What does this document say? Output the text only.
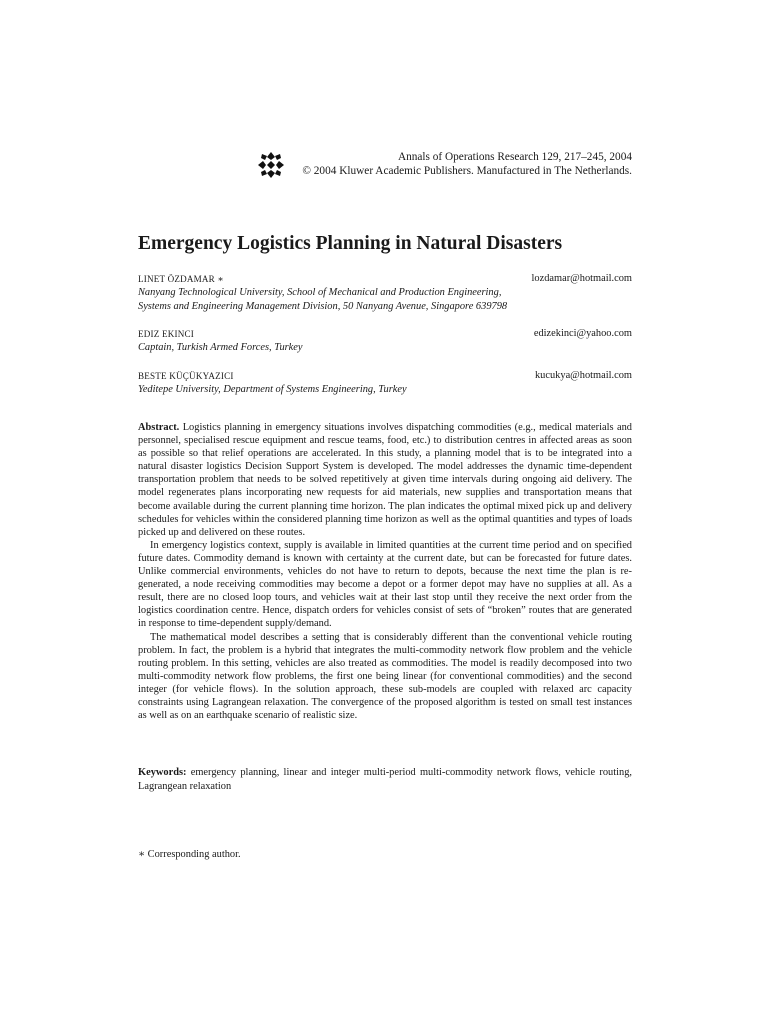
Annals of Operations Research 129, 217–245, 2004
© 2004 Kluwer Academic Publishers. Manufactured in The Netherlands.
Emergency Logistics Planning in Natural Disasters
LINET ÖZDAMAR ∗	lozdamar@hotmail.com
Nanyang Technological University, School of Mechanical and Production Engineering,
Systems and Engineering Management Division, 50 Nanyang Avenue, Singapore 639798
EDIZ EKINCI	edizekinci@yahoo.com
Captain, Turkish Armed Forces, Turkey
BESTE KÜÇÜKYAZICI	kucukya@hotmail.com
Yeditepe University, Department of Systems Engineering, Turkey

Abstract. Logistics planning in emergency situations involves dispatching commodities (e.g., medical materials and personnel, specialised rescue equipment and rescue teams, food, etc.) to distribution centres in affected areas as soon as possible so that relief operations are accelerated. In this study, a planning model that is to be integrated into a natural disaster logistics Decision Support System is developed. The model addresses the dynamic time-dependent transportation problem that needs to be solved repetitively at given time intervals during ongoing aid delivery. The model regenerates plans incorporating new requests for aid materials, new supplies and transportation means that become available during the current planning time horizon. The plan indicates the optimal mixed pick up and delivery schedules for vehicles within the considered planning time horizon as well as the optimal quantities and types of loads picked up and delivered on these routes.

In emergency logistics context, supply is available in limited quantities at the current time period and on specified future dates. Commodity demand is known with certainty at the current date, but can be forecasted for future dates. Unlike commercial environments, vehicles do not have to return to depots, because the next time the plan is re-generated, a node receiving commodities may become a depot or a former depot may have no supplies at all. As a result, there are no closed loop tours, and vehicles wait at their last stop until they receive the next order from the logistics coordination centre. Hence, dispatch orders for vehicles consist of sets of “broken” routes that are generated in response to time-dependent supply/demand.

The mathematical model describes a setting that is considerably different than the conventional vehicle routing problem. In fact, the problem is a hybrid that integrates the multi-commodity network flow problem and the vehicle routing problem. In this setting, vehicles are also treated as commodities. The model is readily decomposed into two multi-commodity network flow problems, the first one being linear (for conventional commodities) and the second integer (for vehicle flows). In the solution approach, these sub-models are coupled with relaxed arc capacity constraints using Lagrangean relaxation. The convergence of the proposed algorithm is tested on small test instances as well as on an earthquake scenario of realistic size.

Keywords: emergency planning, linear and integer multi-period multi-commodity network flows, vehicle routing, Lagrangean relaxation
∗ Corresponding author.
